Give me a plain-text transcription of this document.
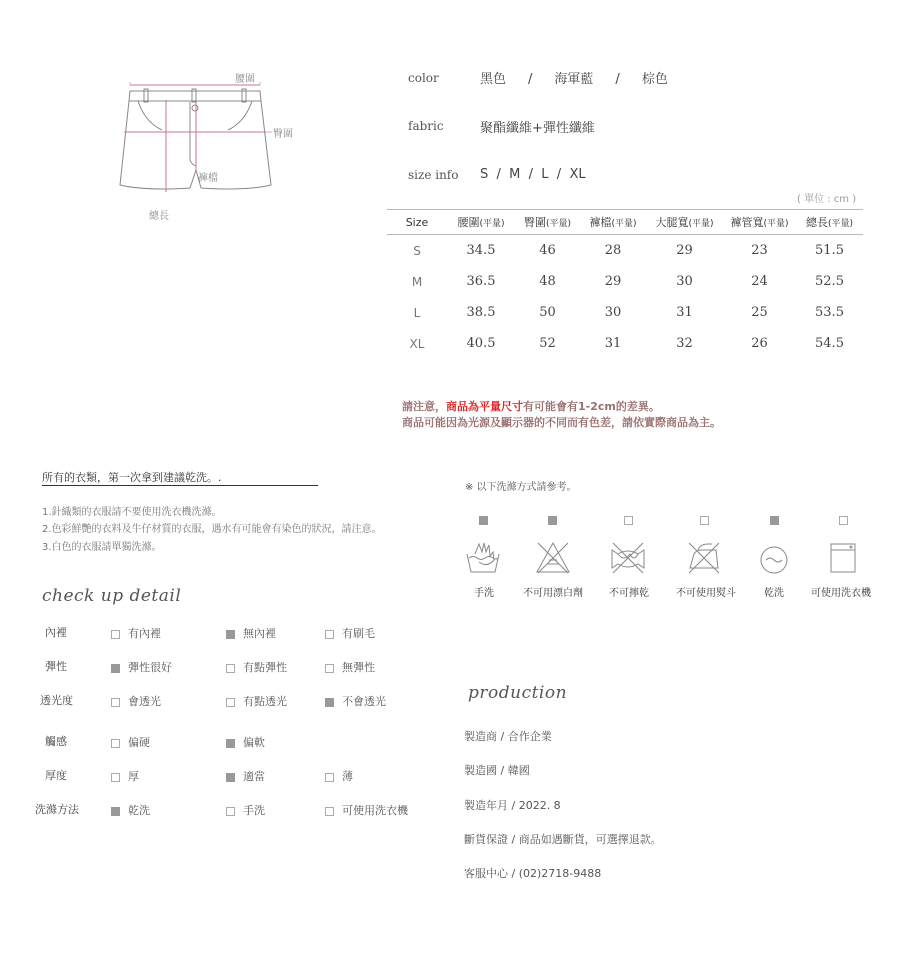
腰圍
臀圍
褲檔
總長
color	黑色 / 海軍藍 / 棕色
fabric	聚酯纖維+彈性纖維
size info S  /  M  /  L  /  XL
( 單位 : cm )
Size	腰圍(平量)	臀圍(平量)	褲檔(平量)	大腿寬(平量)	褲管寬(平量)	總長(平量)
S	34.5	46	28	29	23	51.5
M	36.5	48	29	30	24	52.5
L	38.5	50	30	31	25	53.5
XL	40.5	52	31	32	26	54.5
請注意，商品為平量尺寸有可能會有1-2cm的差異。
商品可能因為光源及顯示器的不同而有色差，請依實際商品為主。
所有的衣類，第一次拿到建議乾洗。.
1.針織類的衣服請不要使用洗衣機洗滌。
2.色彩鮮艷的衣料及牛仔材質的衣服，遇水有可能會有染色的狀況，請注意。
3.白色的衣服請單獨洗滌。
※ 以下洗滌方式請參考。
手洗	不可用漂白劑	不可擰乾	不可使用熨斗	乾洗	可使用洗衣機
check up detail
內裡	有內裡	無內裡	有刷毛
彈性	彈性很好	有點彈性	無彈性
透光度	會透光	有點透光	不會透光
觸感	偏硬	偏軟
厚度	厚	適當	薄
洗滌方法	乾洗	手洗	可使用洗衣機
production
製造商 / 合作企業
製造國 / 韓國
製造年月 / 2022. 8
斷貨保證 / 商品如遇斷貨，可選擇退款。
客服中心 / (02)2718-9488
